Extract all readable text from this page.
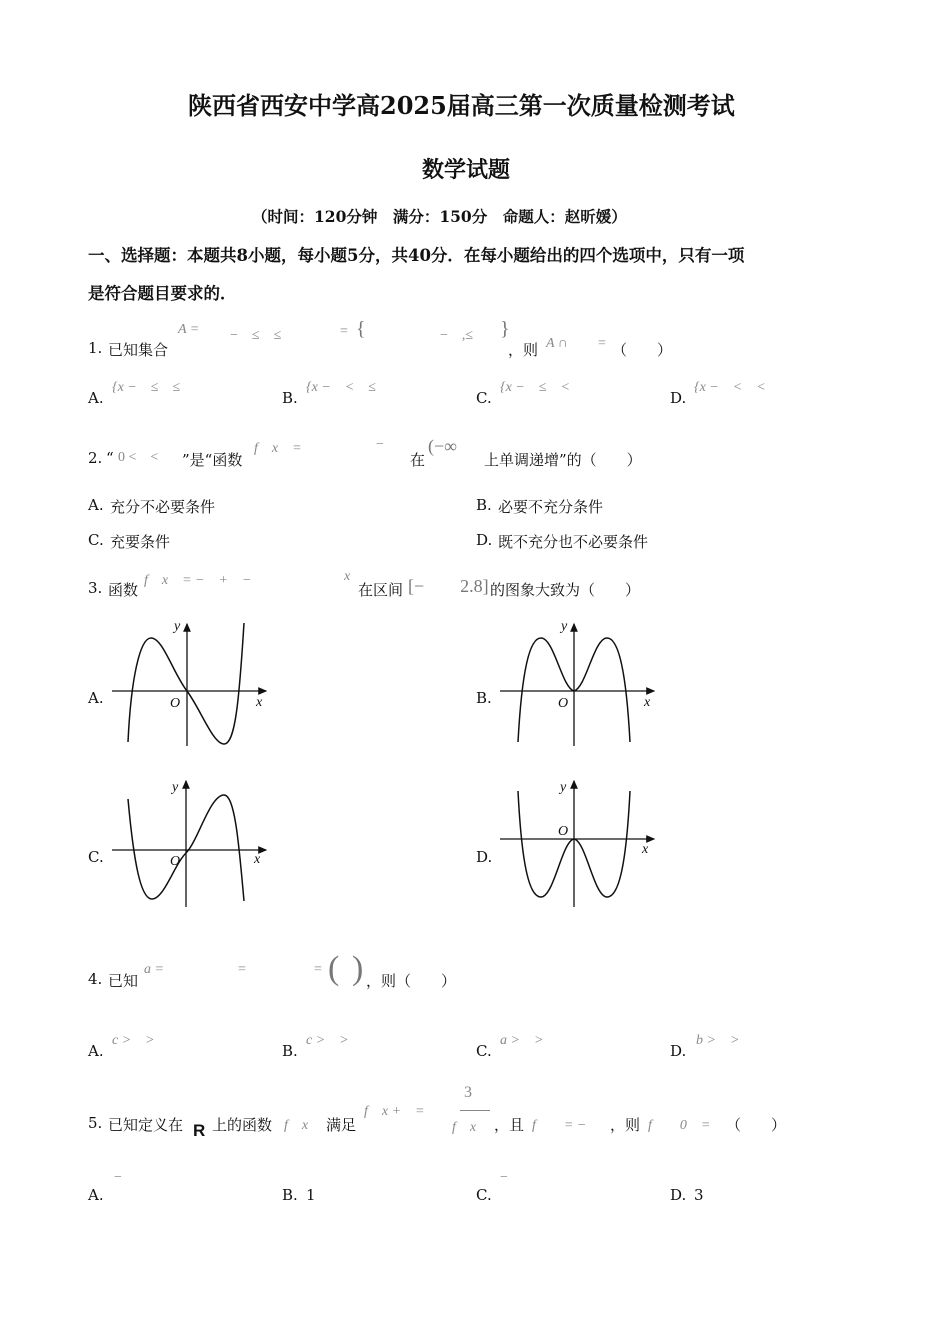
陕西省西安中学高2025届高三第一次质量检测考试
数学试题
（时间：120分钟　满分：150分　命题人：赵昕媛）
一、选择题：本题共8小题，每小题5分，共40分．在每小题给出的四个选项中，只有一项
是符合题目要求的．
1. 已知集合
A = −　≤　≤	= {	−　,≤ }
，则 A ∩ = （　　）
A.
{x −　≤　≤
B.
{x −　<　≤
C.
{x −　≤　<
D.
{x −　<　<
2. “ 0 <　< ”是“函数
f　x　=	−
在
(−∞
上单调递增”的（　　）
A. 充分不必要条件	B. 必要不充分条件
C. 充要条件	D. 既不充分也不必要条件
3. 函数
f　x　= −　+　−	x
在区间 [−　　2.8] 的图象大致为（　　）
A.
y
x
O	B.
y
x
O
C.
y
x
O	D.
y
x
O
4. 已知
a =	=	= ( ) ，则（　　）
A.
c >　>
B.
c >　>
C.
a >　>
D.
b >　>
5. 已知定义在 R 上的函数 f　x 满足
f　x +　=
3
f　x ，且 f　　= − ，则 f　　0　= （　　）
A.
−
B. 1	C.
−
D. 3
